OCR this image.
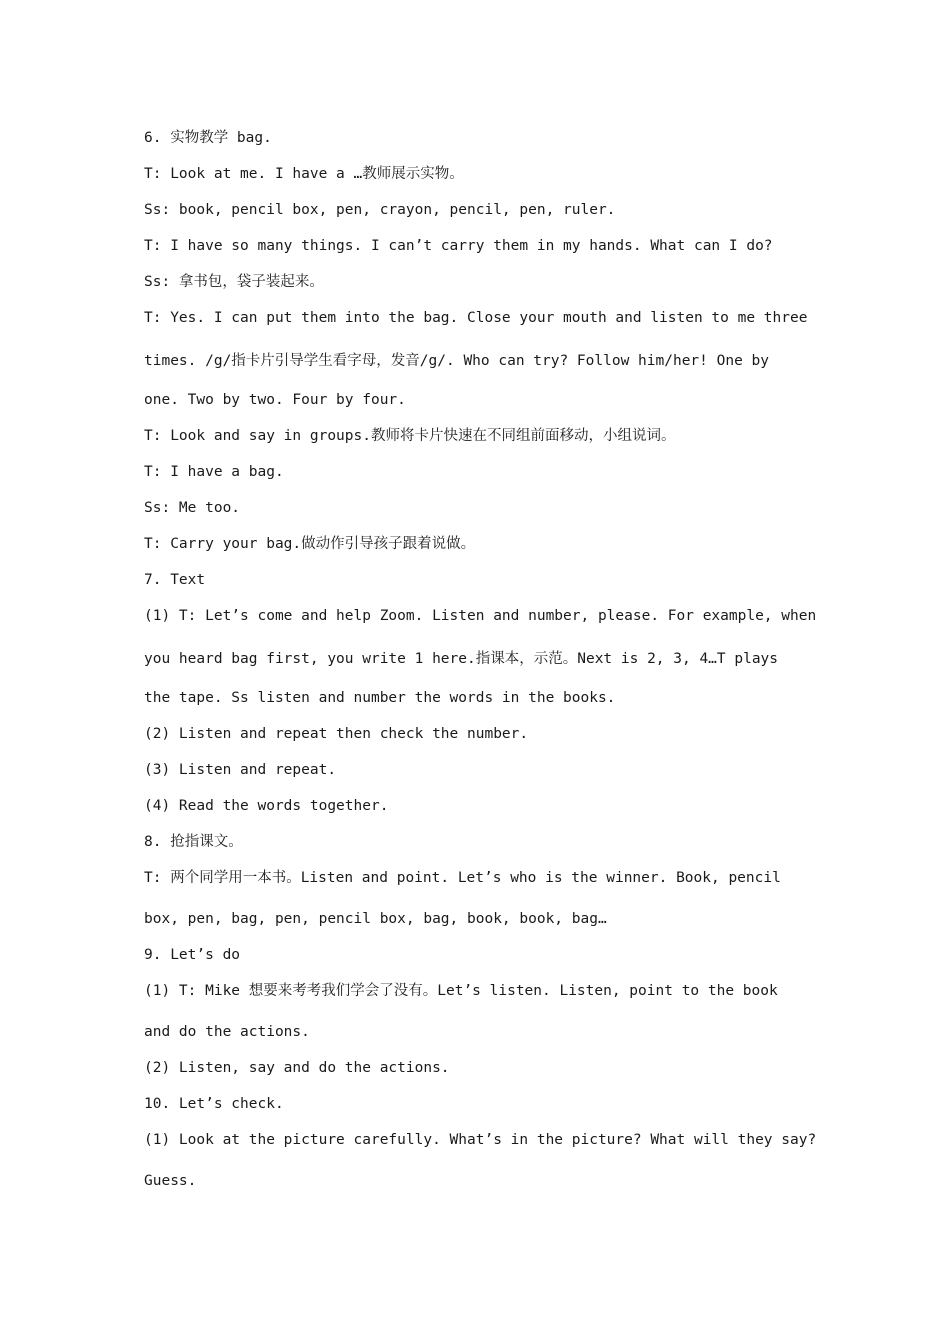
6. 实物教学 bag.
T: Look at me. I have a …教师展示实物。
Ss: book, pencil box, pen, crayon, pencil, pen, ruler.
T: I have so many things. I can’t carry them in my hands. What can I do?
Ss: 拿书包，袋子装起来。
T: Yes. I can put them into the bag. Close your mouth and listen to me three
times. /g/指卡片引导学生看字母，发音/g/. Who can try? Follow him/her! One by
one. Two by two. Four by four.
T: Look and say in groups.教师将卡片快速在不同组前面移动，小组说词。
T: I have a bag.
Ss: Me too.
T: Carry your bag.做动作引导孩子跟着说做。
7. Text
(1) T: Let’s come and help Zoom. Listen and number, please. For example, when
you heard bag first, you write 1 here.指课本，示范。Next is 2, 3, 4…T plays
the tape. Ss listen and number the words in the books.
(2) Listen and repeat then check the number.
(3) Listen and repeat.
(4) Read the words together.
8. 抢指课文。
T: 两个同学用一本书。Listen and point. Let’s who is the winner. Book, pencil
box, pen, bag, pen, pencil box, bag, book, book, bag…
9. Let’s do
(1) T: Mike 想要来考考我们学会了没有。Let’s listen. Listen, point to the book
and do the actions.
(2) Listen, say and do the actions.
10. Let’s check.
(1) Look at the picture carefully. What’s in the picture? What will they say?
Guess.
